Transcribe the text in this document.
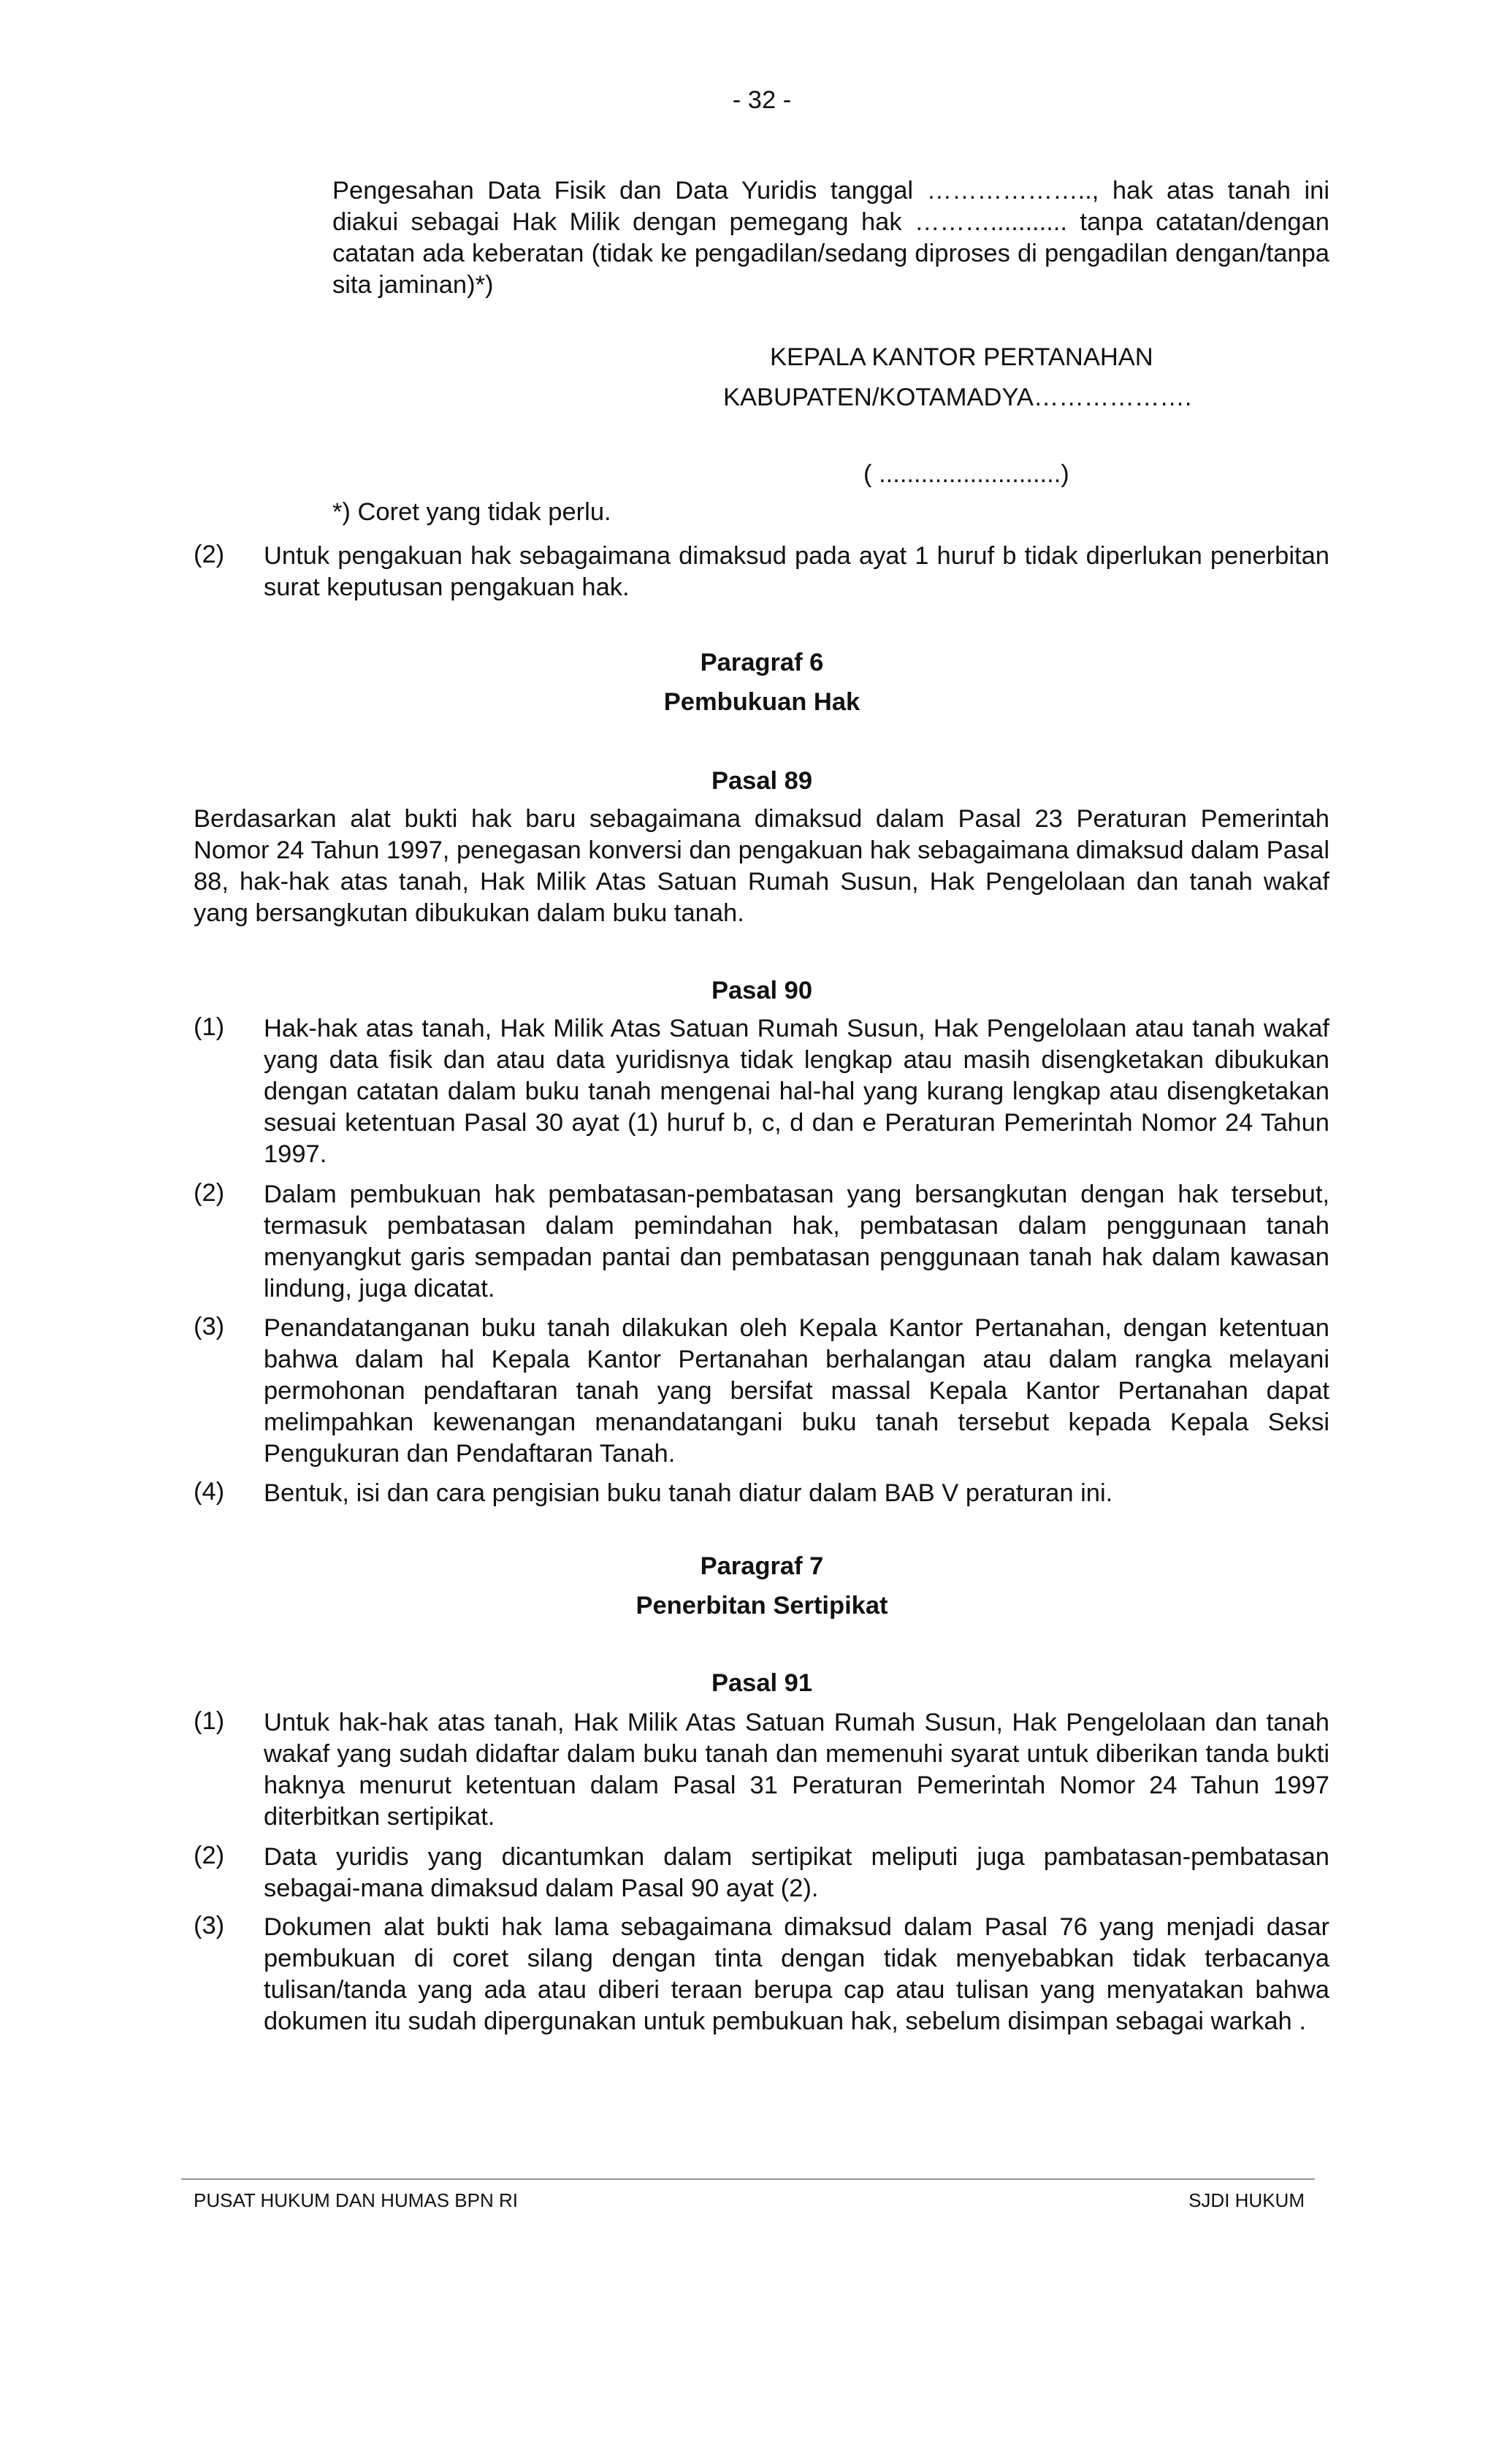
- 32 -
Pengesahan Data Fisik dan Data Yuridis tanggal ……………….., hak atas tanah ini diakui sebagai Hak Milik dengan pemegang hak ………........... tanpa catatan/dengan catatan ada keberatan (tidak ke pengadilan/sedang diproses di pengadilan dengan/tanpa sita jaminan)*)
KEPALA KANTOR PERTANAHAN
KABUPATEN/KOTAMADYA……………….
( ..........................)
*) Coret yang tidak perlu.
(2) Untuk pengakuan hak sebagaimana dimaksud pada ayat 1 huruf b tidak diperlukan penerbitan surat keputusan pengakuan hak.
Paragraf 6
Pembukuan Hak
Pasal 89
Berdasarkan alat bukti hak baru sebagaimana dimaksud dalam Pasal 23 Peraturan Pemerintah Nomor 24 Tahun 1997, penegasan konversi dan pengakuan hak sebagaimana dimaksud dalam Pasal 88, hak-hak atas tanah, Hak Milik Atas Satuan Rumah Susun, Hak Pengelolaan dan tanah wakaf yang bersangkutan dibukukan dalam buku tanah.
Pasal 90
(1) Hak-hak atas tanah, Hak Milik Atas Satuan Rumah Susun, Hak Pengelolaan atau tanah wakaf yang data fisik dan atau data yuridisnya tidak lengkap atau masih disengketakan dibukukan dengan catatan dalam buku tanah mengenai hal-hal yang kurang lengkap atau disengketakan sesuai ketentuan Pasal 30 ayat (1) huruf b, c, d dan e Peraturan Pemerintah Nomor 24 Tahun 1997.
(2) Dalam pembukuan hak pembatasan-pembatasan yang bersangkutan dengan hak tersebut, termasuk pembatasan dalam pemindahan hak, pembatasan dalam penggunaan tanah menyangkut garis sempadan pantai dan pembatasan penggunaan tanah hak dalam kawasan lindung, juga dicatat.
(3) Penandatanganan buku tanah dilakukan oleh Kepala Kantor Pertanahan, dengan ketentuan bahwa dalam hal Kepala Kantor Pertanahan berhalangan atau dalam rangka melayani permohonan pendaftaran tanah yang bersifat massal Kepala Kantor Pertanahan dapat melimpahkan kewenangan menandatangani buku tanah tersebut kepada Kepala Seksi Pengukuran dan Pendaftaran Tanah.
(4) Bentuk, isi dan cara pengisian buku tanah diatur dalam BAB V peraturan ini.
Paragraf 7
Penerbitan Sertipikat
Pasal 91
(1) Untuk hak-hak atas tanah, Hak Milik Atas Satuan Rumah Susun, Hak Pengelolaan dan tanah wakaf yang sudah didaftar dalam buku tanah dan memenuhi syarat untuk diberikan tanda bukti haknya menurut ketentuan dalam Pasal 31 Peraturan Pemerintah Nomor 24 Tahun 1997 diterbitkan sertipikat.
(2) Data yuridis yang dicantumkan dalam sertipikat meliputi juga pambatasan-pembatasan sebagai-mana dimaksud dalam Pasal 90 ayat (2).
(3) Dokumen alat bukti hak lama sebagaimana dimaksud dalam Pasal 76 yang menjadi dasar pembukuan di coret silang dengan tinta dengan tidak menyebabkan tidak terbacanya tulisan/tanda yang ada atau diberi teraan berupa cap atau tulisan yang menyatakan bahwa dokumen itu sudah dipergunakan untuk pembukuan hak, sebelum disimpan sebagai warkah .
PUSAT HUKUM DAN HUMAS BPN RI	SJDI HUKUM
